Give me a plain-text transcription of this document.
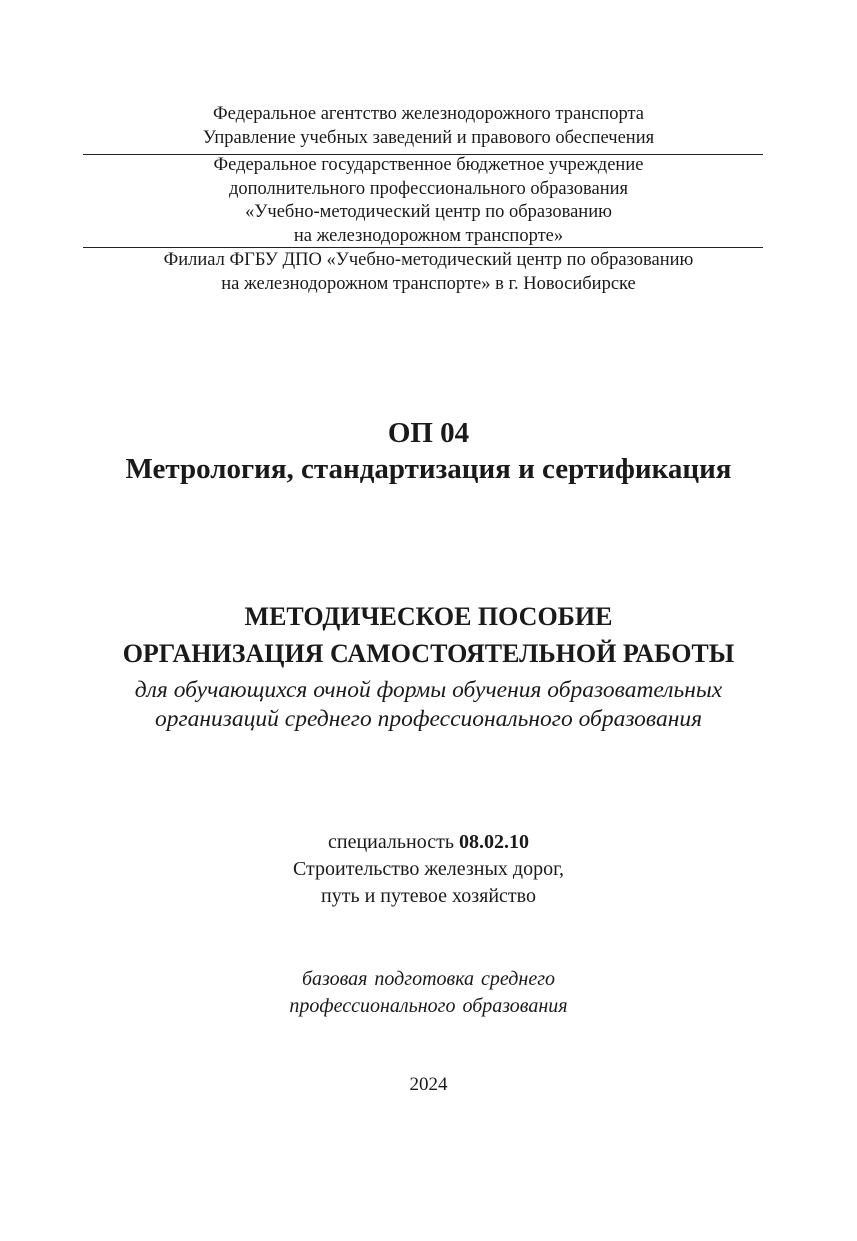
Федеральное агентство железнодорожного транспорта
Управление учебных заведений и правового обеспечения
Федеральное государственное бюджетное учреждение
дополнительного профессионального образования
«Учебно-методический центр по образованию
на железнодорожном транспорте»
Филиал ФГБУ ДПО «Учебно-методический центр по образованию
на железнодорожном транспорте» в г. Новосибирске
ОП 04
Метрология, стандартизация и сертификация
МЕТОДИЧЕСКОЕ ПОСОБИЕ
ОРГАНИЗАЦИЯ САМОСТОЯТЕЛЬНОЙ РАБОТЫ
для обучающихся очной формы обучения образовательных
организаций среднего профессионального образования
специальность 08.02.10
Строительство железных дорог,
путь и путевое хозяйство
базовая подготовка среднего
профессионального образования
2024
